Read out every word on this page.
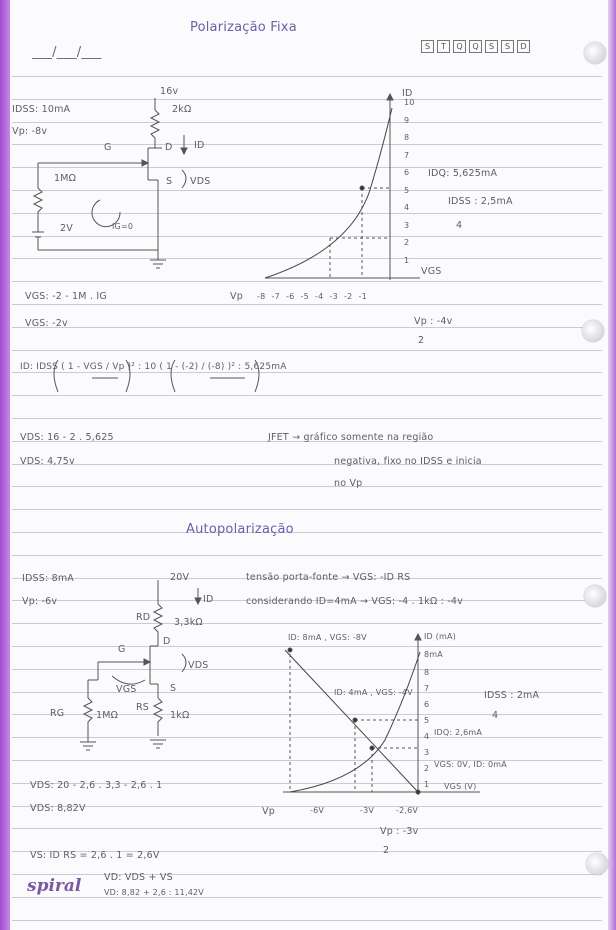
Polarização Fixa
___/___/___	S	T	Q	Q	S	S	D
IDSS: 10mA
Vp: -8v
16v
2kΩ
ID
VDS
G	D
S
1MΩ
2V	IG=0
ID
VGS
Vp
10
9
8
7
6
5
4
3
2
1
-8 -7 -6 -5 -4 -3 -2 -1
IDQ: 5,625mA
IDSS : 2,5mA
4
VGS: -2 - 1M . IG
VGS: -2v	Vp : -4v
2
ID: IDSS ( 1 - VGS / Vp )² : 10 ( 1 - (-2) / (-8) )² : 5,625mA
VDS: 16 - 2 . 5,625
VDS: 4,75v
JFET → gráfico somente na região
negativa, fixo no IDSS e inicia
no Vp
Autopolarização
IDSS: 8mA
Vp: -6v
20V
ID
RD 3,3kΩ
D
G
S
VDS
VGS
RG	1MΩ
RS
1kΩ
tensão porta-fonte → VGS: -ID RS
considerando ID=4mA → VGS: -4 . 1kΩ : -4v
ID: 8mA , VGS: -8V
ID: 4mA , VGS: -4V
ID (mA)
8mA
VGS (V)
VGS: 0V, ID: 0mA
IDQ: 2,6mA
8
7
6
5
4
3
2
1
-6V	-3V	-2,6V
Vp
IDSS : 2mA
4
Vp : -3v
2
VDS: 20 - 2,6 . 3,3 - 2,6 . 1
VDS: 8,82V
VS: ID RS = 2,6 . 1 = 2,6V
VD: VDS + VS
VD: 8,82 + 2,6 : 11,42V
spiral
